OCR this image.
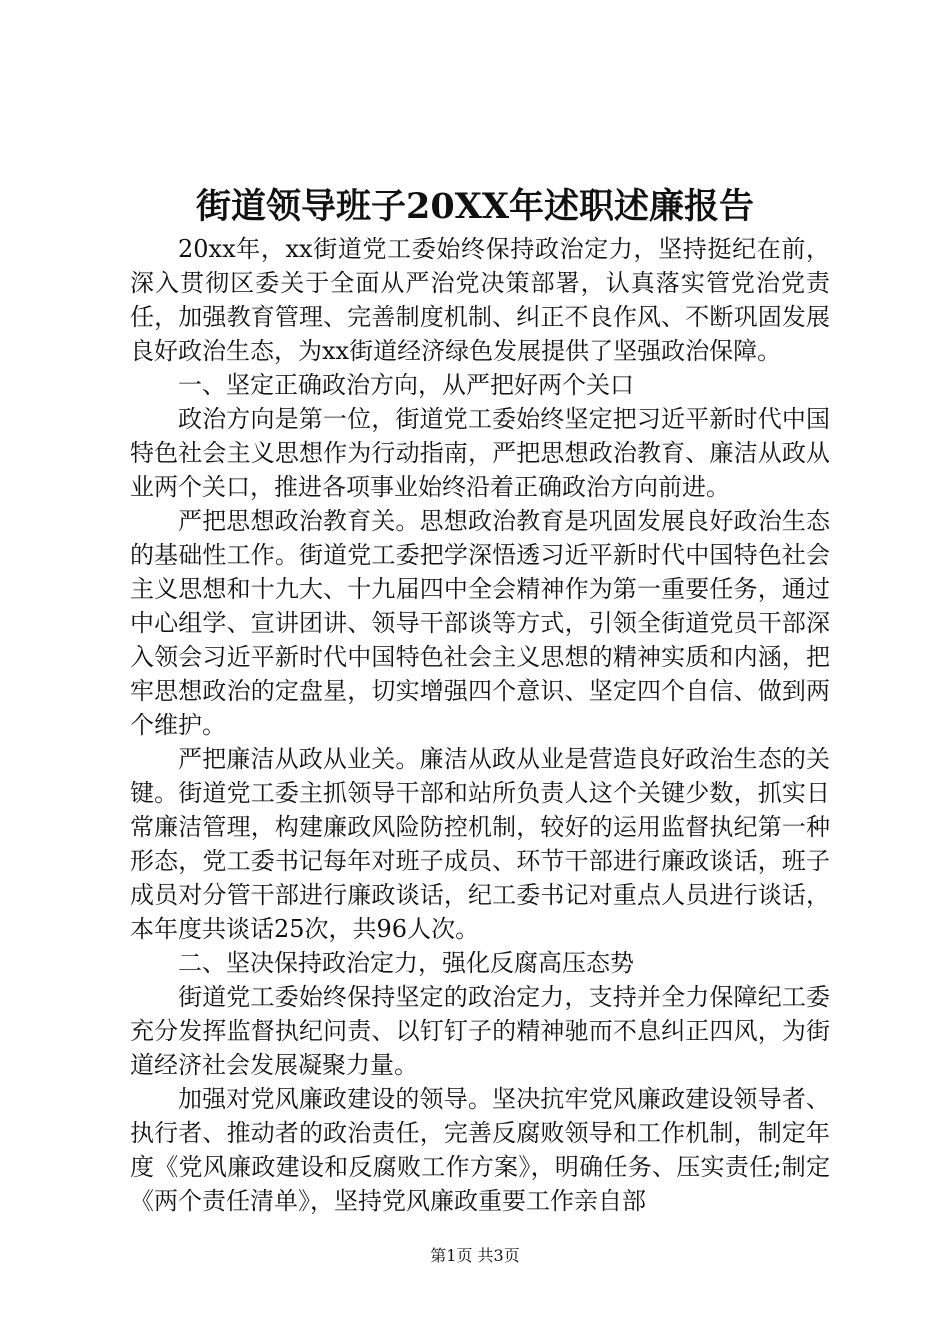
街道领导班子20XX年述职述廉报告

20xx年，xx街道党工委始终保持政治定力，坚持挺纪在前，深入贯彻区委关于全面从严治党决策部署，认真落实管党治党责任，加强教育管理、完善制度机制、纠正不良作风、不断巩固发展良好政治生态，为xx街道经济绿色发展提供了坚强政治保障。

一、坚定正确政治方向，从严把好两个关口

政治方向是第一位，街道党工委始终坚定把习近平新时代中国特色社会主义思想作为行动指南，严把思想政治教育、廉洁从政从业两个关口，推进各项事业始终沿着正确政治方向前进。

严把思想政治教育关。思想政治教育是巩固发展良好政治生态的基础性工作。街道党工委把学深悟透习近平新时代中国特色社会主义思想和十九大、十九届四中全会精神作为第一重要任务，通过中心组学、宣讲团讲、领导干部谈等方式，引领全街道党员干部深入领会习近平新时代中国特色社会主义思想的精神实质和内涵，把牢思想政治的定盘星，切实增强四个意识、坚定四个自信、做到两个维护。

严把廉洁从政从业关。廉洁从政从业是营造良好政治生态的关键。街道党工委主抓领导干部和站所负责人这个关键少数，抓实日常廉洁管理，构建廉政风险防控机制，较好的运用监督执纪第一种形态，党工委书记每年对班子成员、环节干部进行廉政谈话，班子成员对分管干部进行廉政谈话，纪工委书记对重点人员进行谈话，本年度共谈话25次，共96人次。

二、坚决保持政治定力，强化反腐高压态势

街道党工委始终保持坚定的政治定力，支持并全力保障纪工委充分发挥监督执纪问责、以钉钉子的精神驰而不息纠正四风，为街道经济社会发展凝聚力量。

加强对党风廉政建设的领导。坚决抗牢党风廉政建设领导者、执行者、推动者的政治责任，完善反腐败领导和工作机制，制定年度《党风廉政建设和反腐败工作方案》，明确任务、压实责任;制定《两个责任清单》，坚持党风廉政重要工作亲自部

第1页 共3页
